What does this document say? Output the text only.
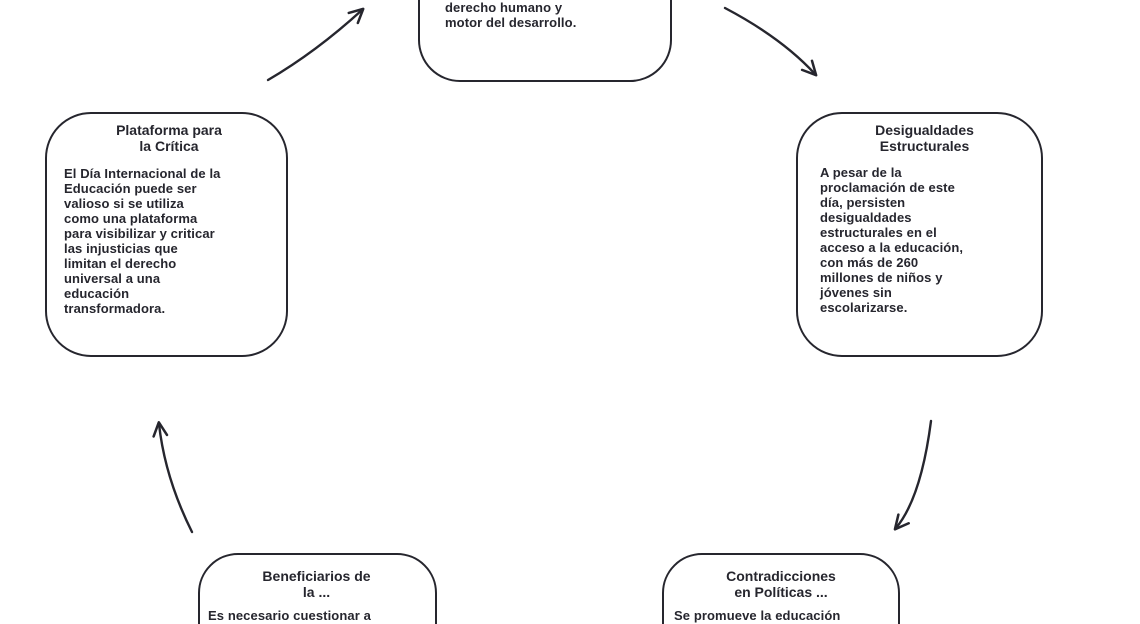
derecho humano y
motor del desarrollo.
Plataforma para
la Crítica
El Día Internacional de la
Educación puede ser
valioso si se utiliza
como una plataforma
para visibilizar y criticar
las injusticias que
limitan el derecho
universal a una
educación
transformadora.
Desigualdades
Estructurales
A pesar de la
proclamación de este
día, persisten
desigualdades
estructurales en el
acceso a la educación,
con más de 260
millones de niños y
jóvenes sin
escolarizarse.
Beneficiarios de
la ...
Es necesario cuestionar a
Contradicciones
en Políticas ...
Se promueve la educación
